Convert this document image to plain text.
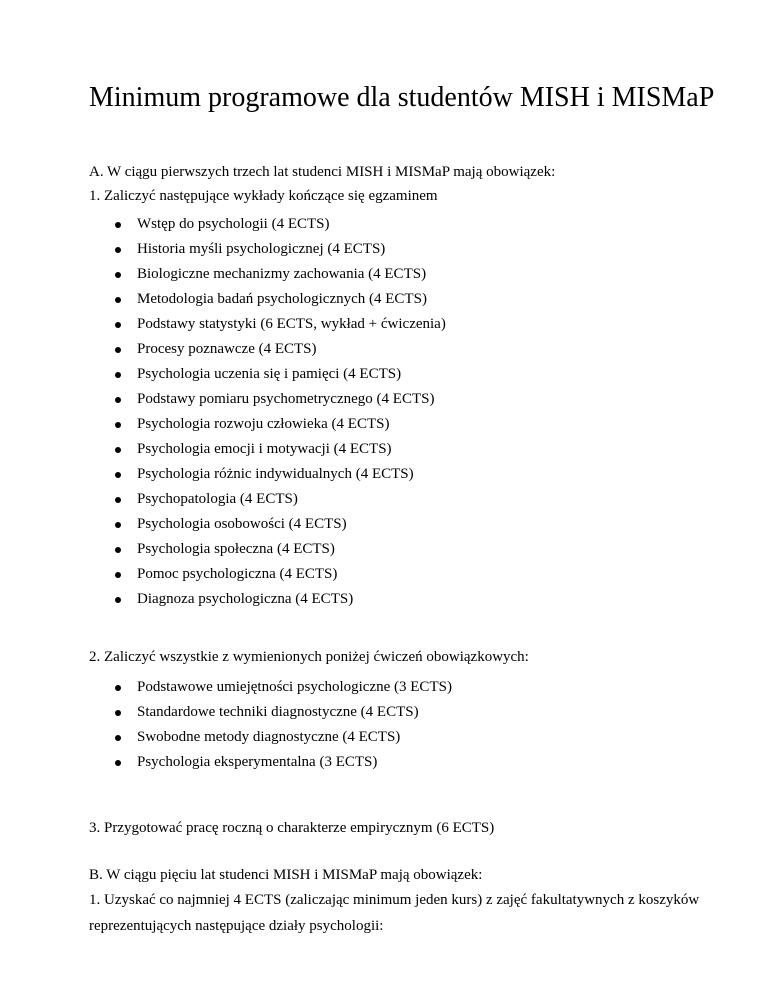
Minimum programowe dla studentów MISH i MISMaP

A. W ciągu pierwszych trzech lat studenci MISH i MISMaP mają obowiązek:

1. Zaliczyć następujące wykłady kończące się egzaminem

Wstęp do psychologii (4 ECTS)
Historia myśli psychologicznej (4 ECTS)
Biologiczne mechanizmy zachowania (4 ECTS)
Metodologia badań psychologicznych (4 ECTS)
Podstawy statystyki (6 ECTS, wykład + ćwiczenia)
Procesy poznawcze (4 ECTS)
Psychologia uczenia się i pamięci (4 ECTS)
Podstawy pomiaru psychometrycznego (4 ECTS)
Psychologia rozwoju człowieka (4 ECTS)
Psychologia emocji i motywacji (4 ECTS)
Psychologia różnic indywidualnych (4 ECTS)
Psychopatologia (4 ECTS)
Psychologia osobowości (4 ECTS)
Psychologia społeczna (4 ECTS)
Pomoc psychologiczna (4 ECTS)
Diagnoza psychologiczna (4 ECTS)

2. Zaliczyć wszystkie z wymienionych poniżej ćwiczeń obowiązkowych:

Podstawowe umiejętności psychologiczne (3 ECTS)
Standardowe techniki diagnostyczne (4 ECTS)
Swobodne metody diagnostyczne (4 ECTS)
Psychologia eksperymentalna (3 ECTS)

3. Przygotować pracę roczną o charakterze empirycznym (6 ECTS)

B. W ciągu pięciu lat studenci MISH i MISMaP mają obowiązek:

1. Uzyskać co najmniej 4 ECTS (zaliczając minimum jeden kurs) z zajęć fakultatywnych z koszyków reprezentujących następujące działy psychologii:
